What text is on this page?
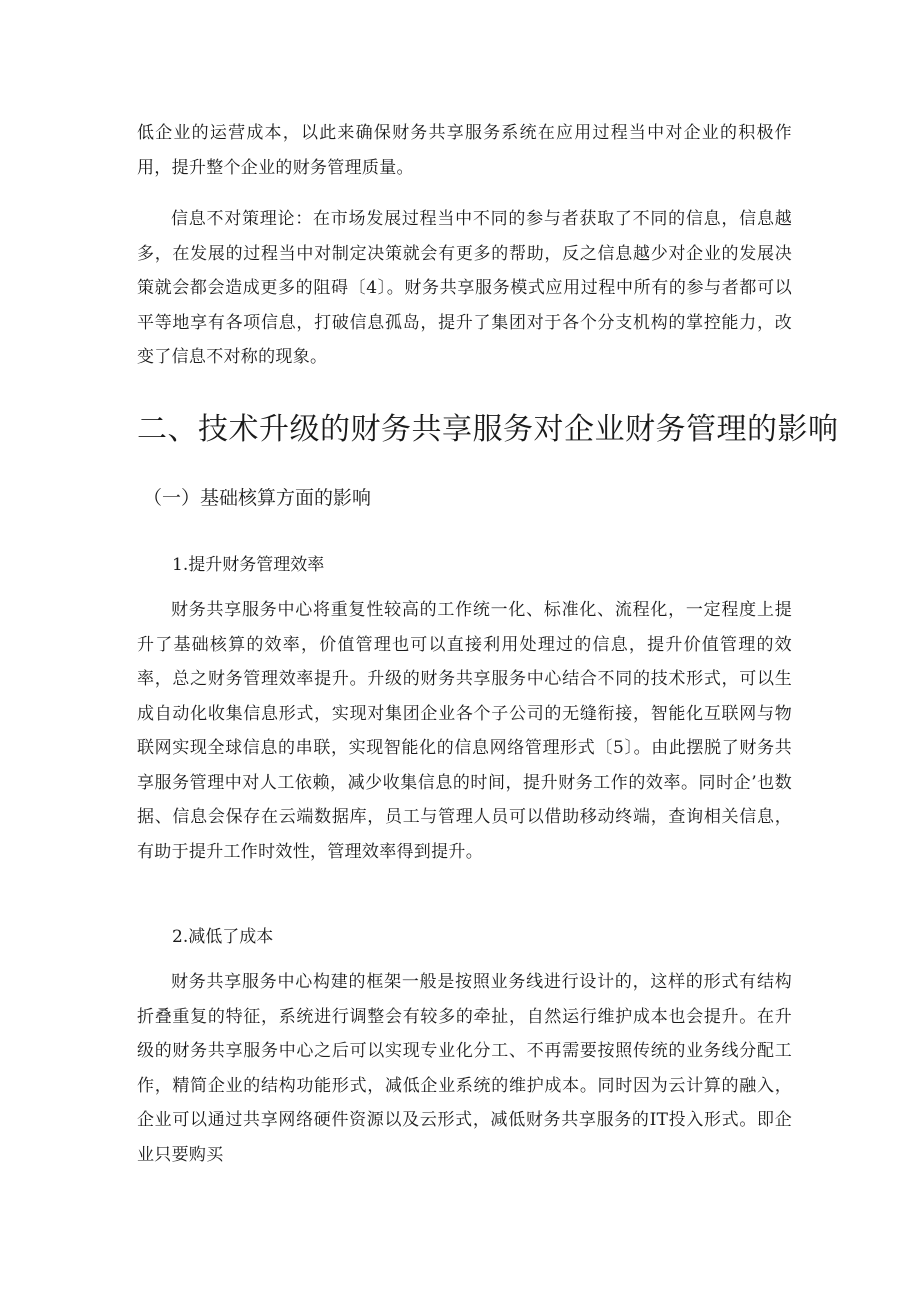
低企业的运营成本，以此来确保财务共享服务系统在应用过程当中对企业的积极作用，提升整个企业的财务管理质量。

信息不对策理论：在市场发展过程当中不同的参与者获取了不同的信息，信息越多，在发展的过程当中对制定决策就会有更多的帮助，反之信息越少对企业的发展决策就会都会造成更多的阻碍〔4〕。财务共享服务模式应用过程中所有的参与者都可以平等地享有各项信息，打破信息孤岛，提升了集团对于各个分支机构的掌控能力，改变了信息不对称的现象。

二、技术升级的财务共享服务对企业财务管理的影响
（一）基础核算方面的影响
1.提升财务管理效率

财务共享服务中心将重复性较高的工作统一化、标准化、流程化，一定程度上提升了基础核算的效率，价值管理也可以直接利用处理过的信息，提升价值管理的效率，总之财务管理效率提升。升级的财务共享服务中心结合不同的技术形式，可以生成自动化收集信息形式，实现对集团企业各个子公司的无缝衔接，智能化互联网与物联网实现全球信息的串联，实现智能化的信息网络管理形式〔5〕。由此摆脱了财务共享服务管理中对人工依赖，减少收集信息的时间，提升财务工作的效率。同时企’也数据、信息会保存在云端数据库，员工与管理人员可以借助移动终端，查询相关信息，有助于提升工作时效性，管理效率得到提升。

2.减低了成本

财务共享服务中心构建的框架一般是按照业务线进行设计的，这样的形式有结构折叠重复的特征，系统进行调整会有较多的牵扯，自然运行维护成本也会提升。在升级的财务共享服务中心之后可以实现专业化分工、不再需要按照传统的业务线分配工作，精简企业的结构功能形式，减低企业系统的维护成本。同时因为云计算的融入，企业可以通过共享网络硬件资源以及云形式，减低财务共享服务的IT投入形式。即企业只要购买
